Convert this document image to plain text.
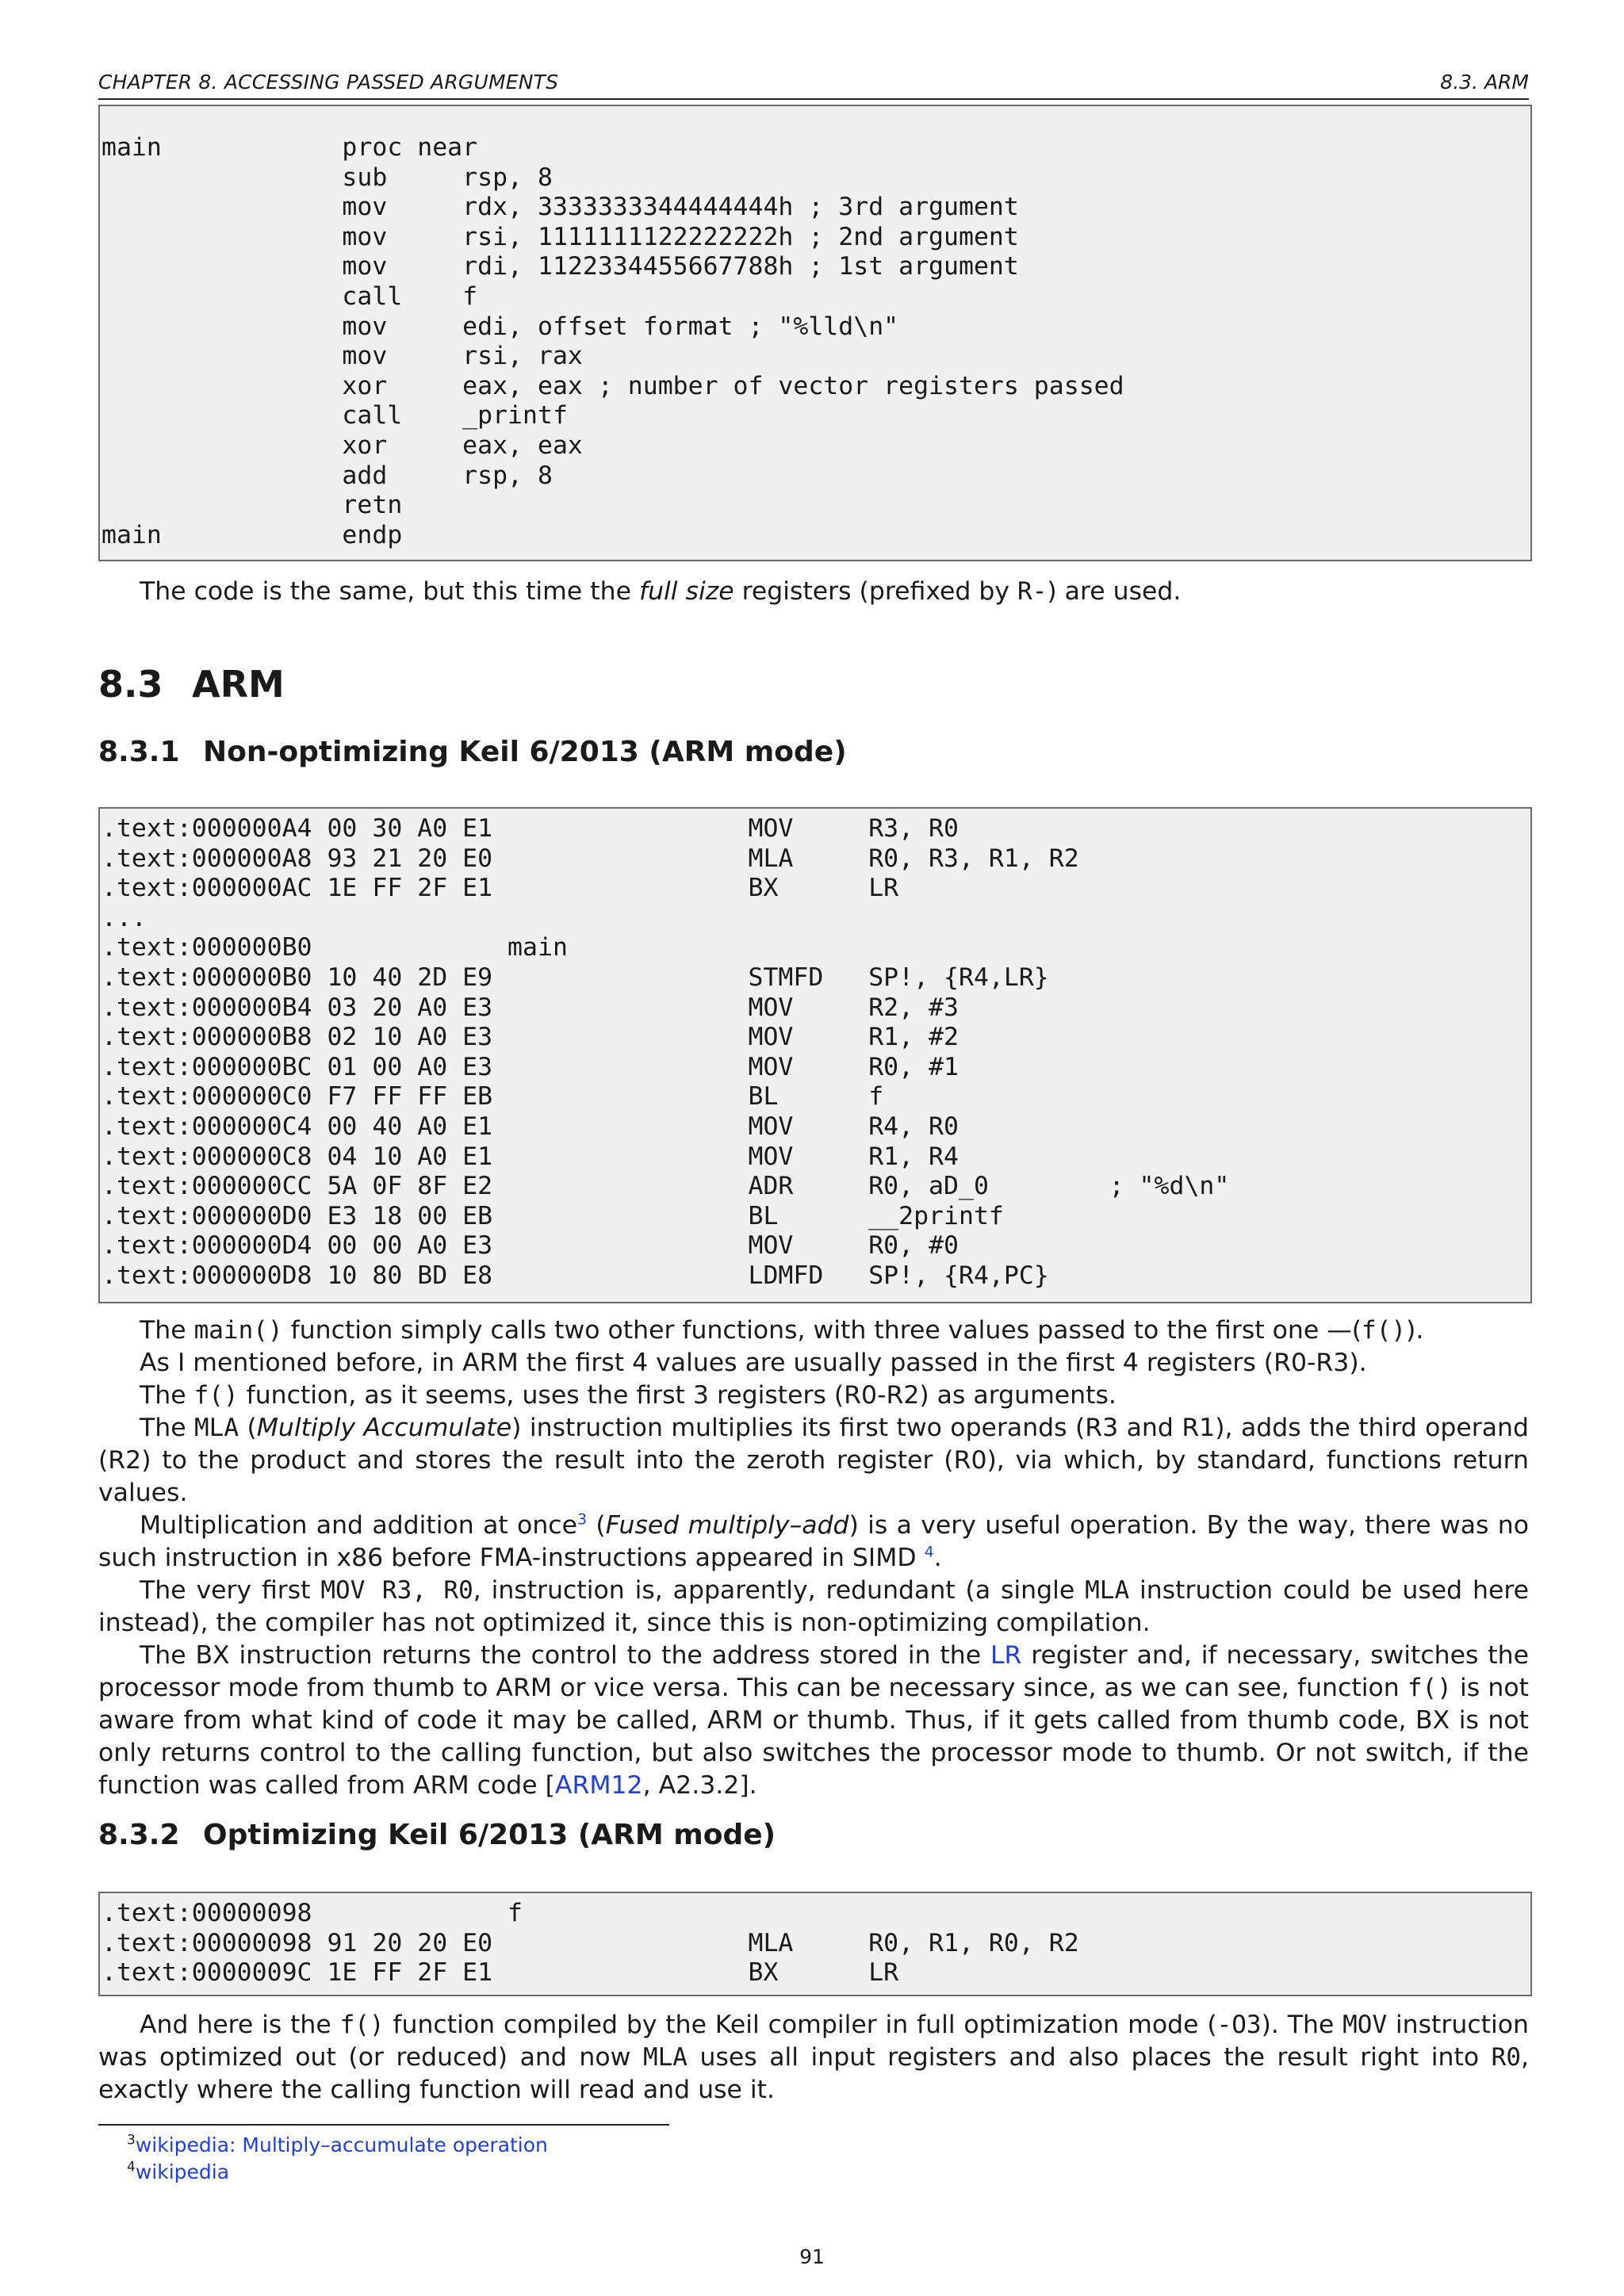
CHAPTER 8. ACCESSING PASSED ARGUMENTS	8.3. ARM
main            proc near
sub     rsp, 8
mov     rdx, 3333333344444444h ; 3rd argument
mov     rsi, 1111111122222222h ; 2nd argument
mov     rdi, 1122334455667788h ; 1st argument
call    f
mov     edi, offset format ; "%lld\n"
mov     rsi, rax
xor     eax, eax ; number of vector registers passed
call    _printf
xor     eax, eax
add     rsp, 8
retn
main            endp

The code is the same, but this time the full size registers (prefixed by R-) are used.

8.3 ARM
8.3.1 Non-optimizing Keil 6/2013 (ARM mode)
.text:000000A4 00 30 A0 E1                 MOV     R3, R0
.text:000000A8 93 21 20 E0                 MLA     R0, R3, R1, R2
.text:000000AC 1E FF 2F E1                 BX      LR
...
.text:000000B0             main
.text:000000B0 10 40 2D E9                 STMFD   SP!, {R4,LR}
.text:000000B4 03 20 A0 E3                 MOV     R2, #3
.text:000000B8 02 10 A0 E3                 MOV     R1, #2
.text:000000BC 01 00 A0 E3                 MOV     R0, #1
.text:000000C0 F7 FF FF EB                 BL      f
.text:000000C4 00 40 A0 E1                 MOV     R4, R0
.text:000000C8 04 10 A0 E1                 MOV     R1, R4
.text:000000CC 5A 0F 8F E2                 ADR     R0, aD_0        ; "%d\n"
.text:000000D0 E3 18 00 EB                 BL      __2printf
.text:000000D4 00 00 A0 E3                 MOV     R0, #0
.text:000000D8 10 80 BD E8                 LDMFD   SP!, {R4,PC}

The main() function simply calls two other functions, with three values passed to the first one —(f()).

As I mentioned before, in ARM the first 4 values are usually passed in the first 4 registers (R0-R3).

The f() function, as it seems, uses the first 3 registers (R0-R2) as arguments.

The MLA (Multiply Accumulate) instruction multiplies its first two operands (R3 and R1), adds the third operand (R2) to the product and stores the result into the zeroth register (R0), via which, by standard, functions return values.

Multiplication and addition at once$^3$ (Fused multiply–add) is a very useful operation. By the way, there was no such instruction in x86 before FMA-instructions appeared in SIMD $^4$.

The very first MOV R3, R0, instruction is, apparently, redundant (a single MLA instruction could be used here instead), the compiler has not optimized it, since this is non-optimizing compilation.

The BX instruction returns the control to the address stored in the LR register and, if necessary, switches the processor mode from thumb to ARM or vice versa. This can be necessary since, as we can see, function f() is not aware from what kind of code it may be called, ARM or thumb. Thus, if it gets called from thumb code, BX is not only returns control to the calling function, but also switches the processor mode to thumb. Or not switch, if the function was called from ARM code [ARM12, A2.3.2].

8.3.2 Optimizing Keil 6/2013 (ARM mode)
.text:00000098             f
.text:00000098 91 20 20 E0                 MLA     R0, R1, R0, R2
.text:0000009C 1E FF 2F E1                 BX      LR

And here is the f() function compiled by the Keil compiler in full optimization mode (-O3). The MOV instruction was optimized out (or reduced) and now MLA uses all input registers and also places the result right into R0, exactly where the calling function will read and use it.

$^3$wikipedia: Multiply–accumulate operation
$^4$wikipedia
91
